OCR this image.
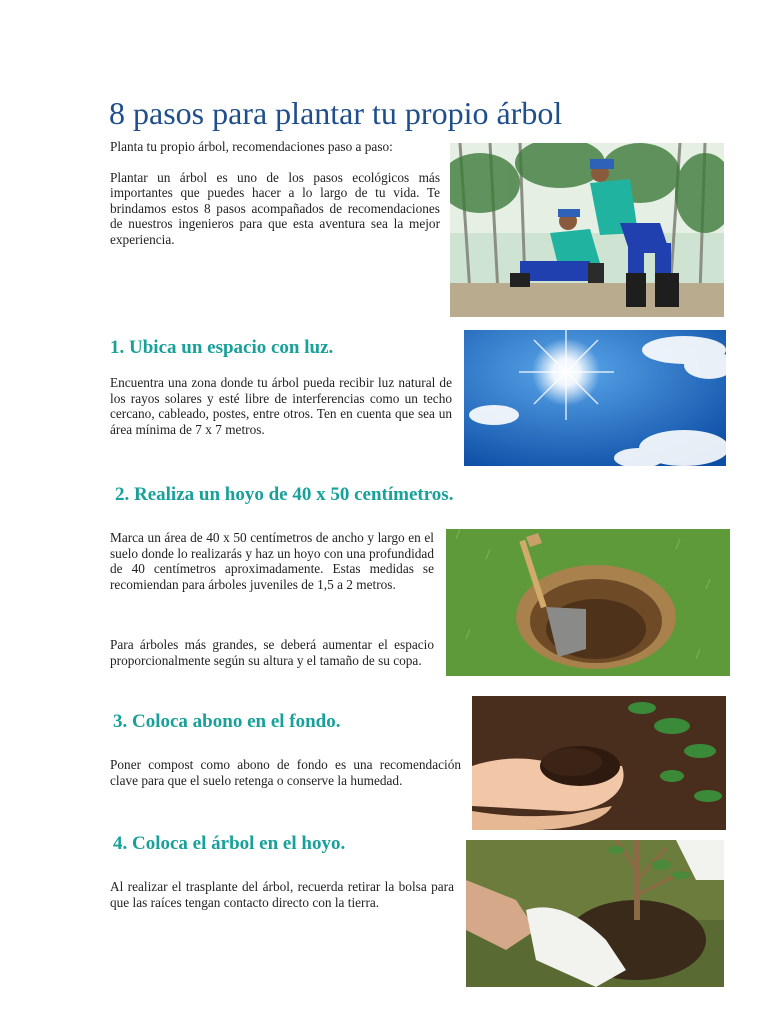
8 pasos para plantar tu propio árbol

Planta tu propio árbol, recomendaciones paso a paso:

Plantar un árbol es uno de los pasos ecológicos más importantes que puedes hacer a lo largo de tu vida. Te brindamos estos 8 pasos acompañados de recomendaciones de nuestros ingenieros para que esta aventura sea la mejor experiencia.

1. Ubica un espacio con luz.

Encuentra una zona donde tu árbol pueda recibir luz natural de los rayos solares y esté libre de interferencias como un techo cercano, cableado, postes, entre otros. Ten en cuenta que sea un área mínima de 7 x 7 metros.

2. Realiza un hoyo de 40 x 50 centímetros.

Marca un área de 40 x 50 centímetros de ancho y largo en el suelo donde lo realizarás y haz un hoyo con una profundidad de 40 centímetros aproximadamente. Estas medidas se recomiendan para árboles juveniles de 1,5 a 2 metros.

Para árboles más grandes, se deberá aumentar el espacio proporcionalmente según su altura y el tamaño de su copa.

3. Coloca abono en el fondo.

Poner compost como abono de fondo es una recomendación clave para que el suelo retenga o conserve la humedad.

4. Coloca el árbol en el hoyo.

Al realizar el trasplante del árbol, recuerda retirar la bolsa para que las raíces tengan contacto directo con la tierra.
